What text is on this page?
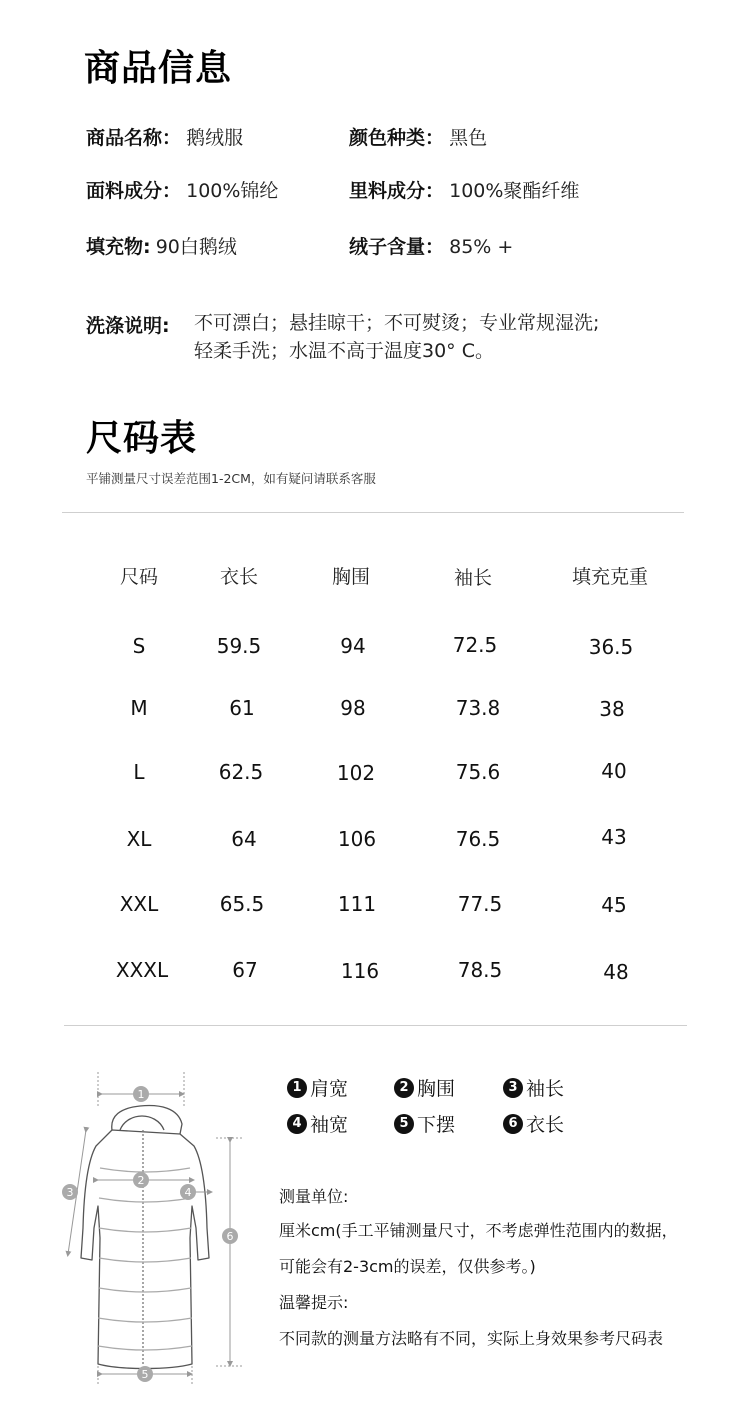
商品信息
商品名称： 鹅绒服	颜色种类： 黑色
面料成分： 100%锦纶	里料成分： 100%聚酯纤维
填充物: 90白鹅绒	绒子含量： 85% +
洗涤说明: 不可漂白；悬挂晾干；不可熨烫；专业常规湿洗;
轻柔手洗；水温不高于温度30° C。
尺码表
平铺测量尺寸误差范围1-2CM，如有疑问请联系客服
尺码	衣长	胸围	袖长	填充克重
S	59.5	94	72.5	36.5
M	61	98	73.8	38
L	62.5	102	75.6	40
XL	64	106	76.5	43
XXL	65.5	111	77.5	45
XXXL	67	116	78.5	48
1
2
3	4
5
6
1 肩宽	2 胸围	3 袖长
4 袖宽	5 下摆	6 衣长
测量单位:
厘米cm(手工平铺测量尺寸，不考虑弹性范围内的数据，
可能会有2-3cm的误差，仅供参考。)
温馨提示:
不同款的测量方法略有不同，实际上身效果参考尺码表
